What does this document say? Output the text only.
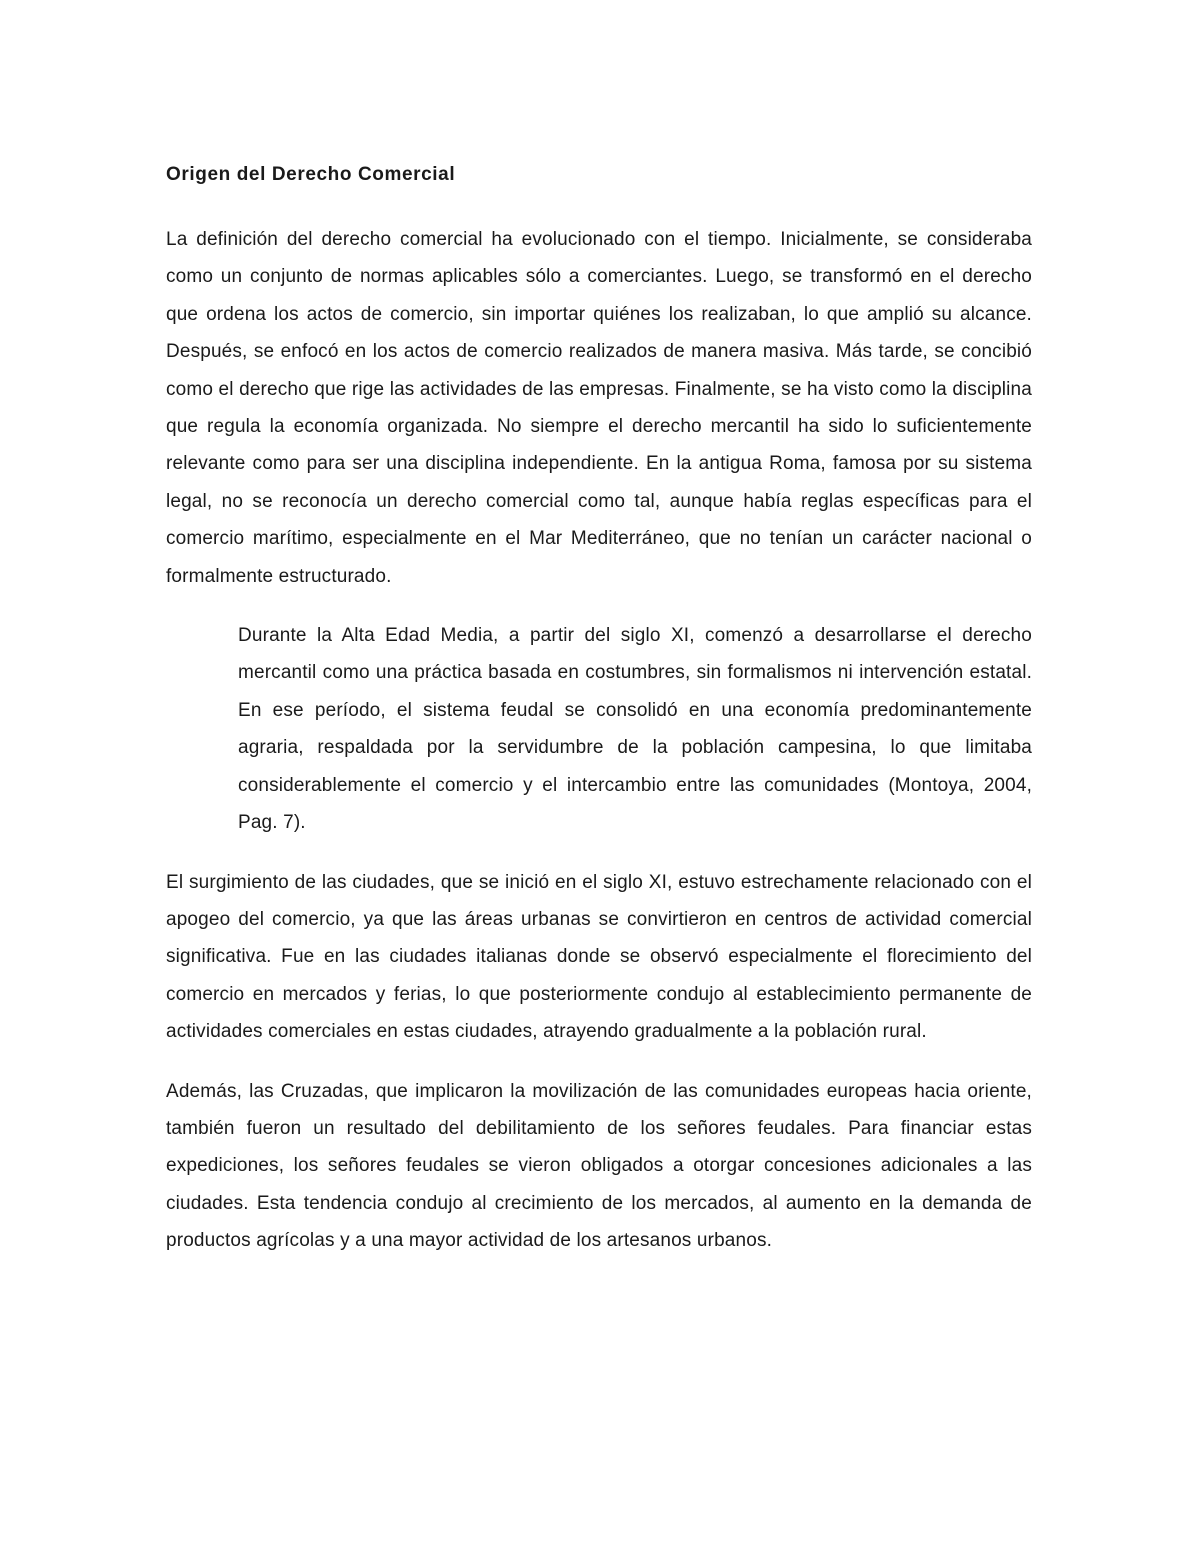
Origen del Derecho Comercial

La definición del derecho comercial ha evolucionado con el tiempo. Inicialmente, se consideraba como un conjunto de normas aplicables sólo a comerciantes. Luego, se transformó en el derecho que ordena los actos de comercio, sin importar quiénes los realizaban, lo que amplió su alcance. Después, se enfocó en los actos de comercio realizados de manera masiva. Más tarde, se concibió como el derecho que rige las actividades de las empresas. Finalmente, se ha visto como la disciplina que regula la economía organizada. No siempre el derecho mercantil ha sido lo suficientemente relevante como para ser una disciplina independiente. En la antigua Roma, famosa por su sistema legal, no se reconocía un derecho comercial como tal, aunque había reglas específicas para el comercio marítimo, especialmente en el Mar Mediterráneo, que no tenían un carácter nacional o formalmente estructurado.

Durante la Alta Edad Media, a partir del siglo XI, comenzó a desarrollarse el derecho mercantil como una práctica basada en costumbres, sin formalismos ni intervención estatal. En ese período, el sistema feudal se consolidó en una economía predominantemente agraria, respaldada por la servidumbre de la población campesina, lo que limitaba considerablemente el comercio y el intercambio entre las comunidades (Montoya, 2004, Pag. 7).

El surgimiento de las ciudades, que se inició en el siglo XI, estuvo estrechamente relacionado con el apogeo del comercio, ya que las áreas urbanas se convirtieron en centros de actividad comercial significativa. Fue en las ciudades italianas donde se observó especialmente el florecimiento del comercio en mercados y ferias, lo que posteriormente condujo al establecimiento permanente de actividades comerciales en estas ciudades, atrayendo gradualmente a la población rural.

Además, las Cruzadas, que implicaron la movilización de las comunidades europeas hacia oriente, también fueron un resultado del debilitamiento de los señores feudales. Para financiar estas expediciones, los señores feudales se vieron obligados a otorgar concesiones adicionales a las ciudades. Esta tendencia condujo al crecimiento de los mercados, al aumento en la demanda de productos agrícolas y a una mayor actividad de los artesanos urbanos.
